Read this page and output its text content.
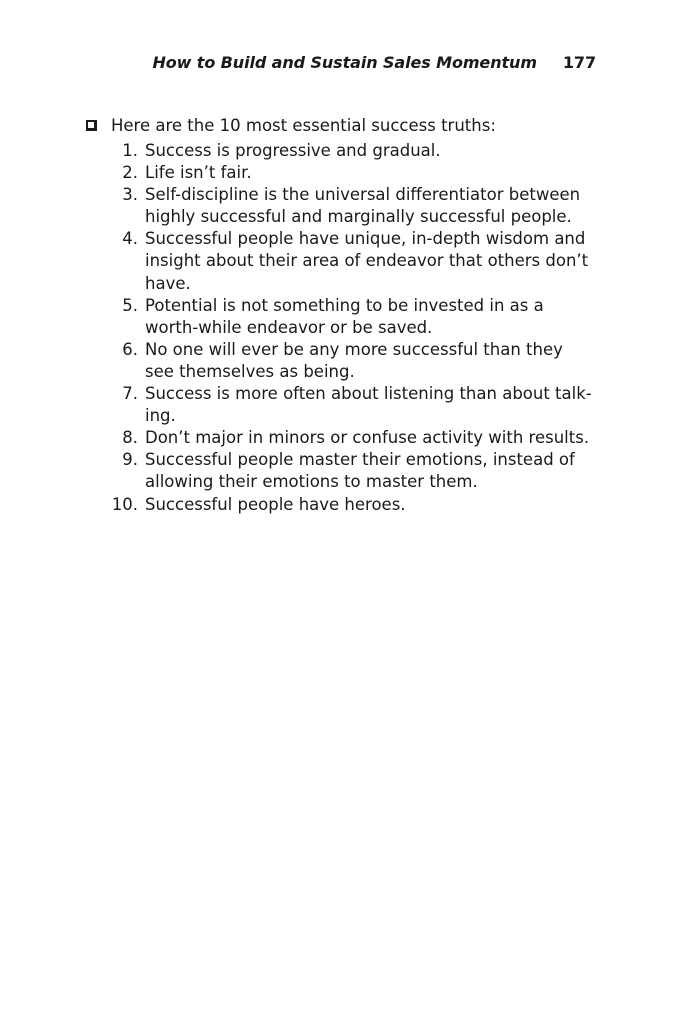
How to Build and Sustain Sales Momentum 177
Here are the 10 most essential success truths:
1. Success is progressive and gradual.
2. Life isn’t fair.
3. Self-discipline is the universal differentiator between highly successful and marginally successful people.
4. Successful people have unique, in-depth wisdom and insight about their area of endeavor that others don’t have.
5. Potential is not something to be invested in as a worth-while endeavor or be saved.
6. No one will ever be any more successful than they see themselves as being.
7. Success is more often about listening than about talk-ing.
8. Don’t major in minors or confuse activity with results.
9. Successful people master their emotions, instead of allowing their emotions to master them.
10. Successful people have heroes.
